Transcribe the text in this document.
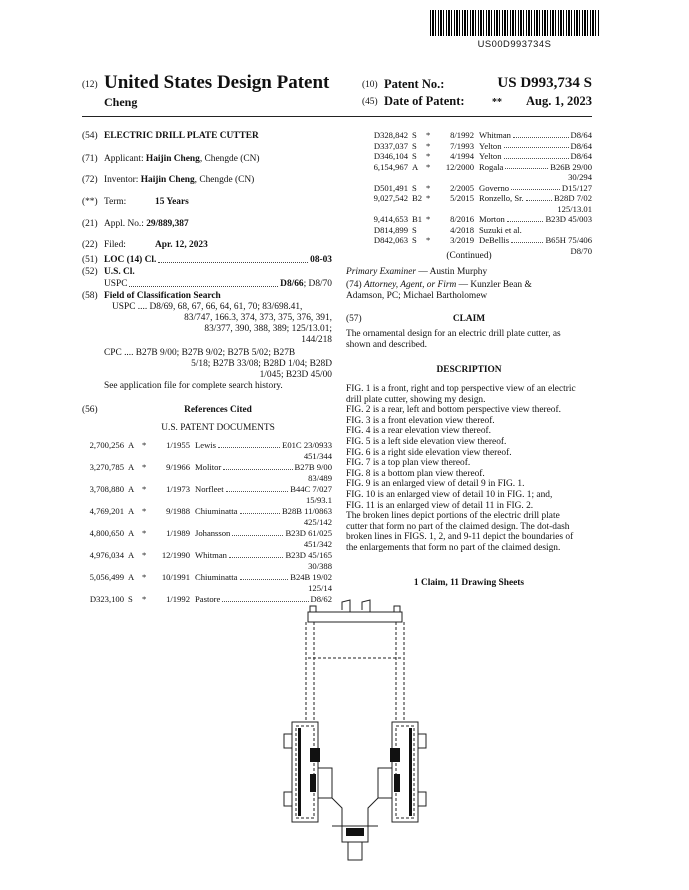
US00D993734S
(12) United States Design Patent
Cheng
(10) Patent No.:	US D993,734 S
(45) Date of Patent:	**	Aug. 1, 2023
(54) ELECTRIC DRILL PLATE CUTTER
(71) Applicant: Haijin Cheng, Chengde (CN)
(72) Inventor: Haijin Cheng, Chengde (CN)
(**) Term:	15 Years
(21) Appl. No.: 29/889,387
(22) Filed:	Apr. 12, 2023
(51) LOC (14) Cl.	08-03
(52) U.S. Cl.
USPC	D8/66 ; D8/70
(58) Field of Classification Search
USPC .... D8/69, 68, 67, 66, 64, 61, 70; 83/698.41,
83/747, 166.3, 374, 373, 375, 376, 391,
83/377, 390, 388, 389; 125/13.01;
144/218
CPC .... B27B 9/00; B27B 9/02; B27B 5/02; B27B
5/18; B27B 33/08; B28D 1/04; B28D
1/045; B23D 45/00
See application file for complete search history.
(56)	References Cited
U.S. PATENT DOCUMENTS
2,700,256 A *	1/1955 Lewis	E01C 23/0933
451/344
3,270,785 A *	9/1966 Molitor	B27B 9/00
83/489
3,708,880 A *	1/1973 Norfleet	B44C 7/027
15/93.1
4,769,201 A *	9/1988 Chiuminatta	B28B 11/0863
425/142
4,800,650 A *	1/1989 Johansson	B23D 61/025
451/342
4,976,034 A *	12/1990 Whitman	B23D 45/165
30/388
5,056,499 A *	10/1991 Chiuminatta	B24B 19/02
125/14
D323,100 S	*	1/1992 Pastore	D8/62
D328,842 S	*	8/1992 Whitman	D8/64
D337,037 S	*	7/1993 Yelton	D8/64
D346,104 S	*	4/1994 Yelton	D8/64
6,154,967 A *	12/2000 Rogala	B26B 29/00
30/294
D501,491 S	*	2/2005 Governo	D15/127
9,027,542 B2 *	5/2015 Ronzello, Sr.	B28D 7/02
125/13.01
9,414,653 B1 *	8/2016 Morton	B23D 45/003
D814,899 S	4/2018 Suzuki et al.
D842,063 S	*	3/2019 DeBellis	B65H 75/406
D8/70
(Continued)
Primary Examiner — Austin Murphy
(74) Attorney, Agent, or Firm — Kunzler Bean &
Adamson, PC; Michael Bartholomew
(57)	CLAIM
The ornamental design for an electric drill plate cutter, as
shown and described.
DESCRIPTION
FIG. 1 is a front, right and top perspective view of an electric
drill plate cutter, showing my design.
FIG. 2 is a rear, left and bottom perspective view thereof.
FIG. 3 is a front elevation view thereof.
FIG. 4 is a rear elevation view thereof.
FIG. 5 is a left side elevation view thereof.
FIG. 6 is a right side elevation view thereof.
FIG. 7 is a top plan view thereof.
FIG. 8 is a bottom plan view thereof.
FIG. 9 is an enlarged view of detail 9 in FIG. 1.
FIG. 10 is an enlarged view of detail 10 in FIG. 1; and,
FIG. 11 is an enlarged view of detail 11 in FIG. 2.
The broken lines depict portions of the electric drill plate
cutter that form no part of the claimed design. The dot-dash
broken lines in FIGS. 1, 2, and 9-11 depict the boundaries of
the enlargements that form no part of the claimed design.
1 Claim, 11 Drawing Sheets
